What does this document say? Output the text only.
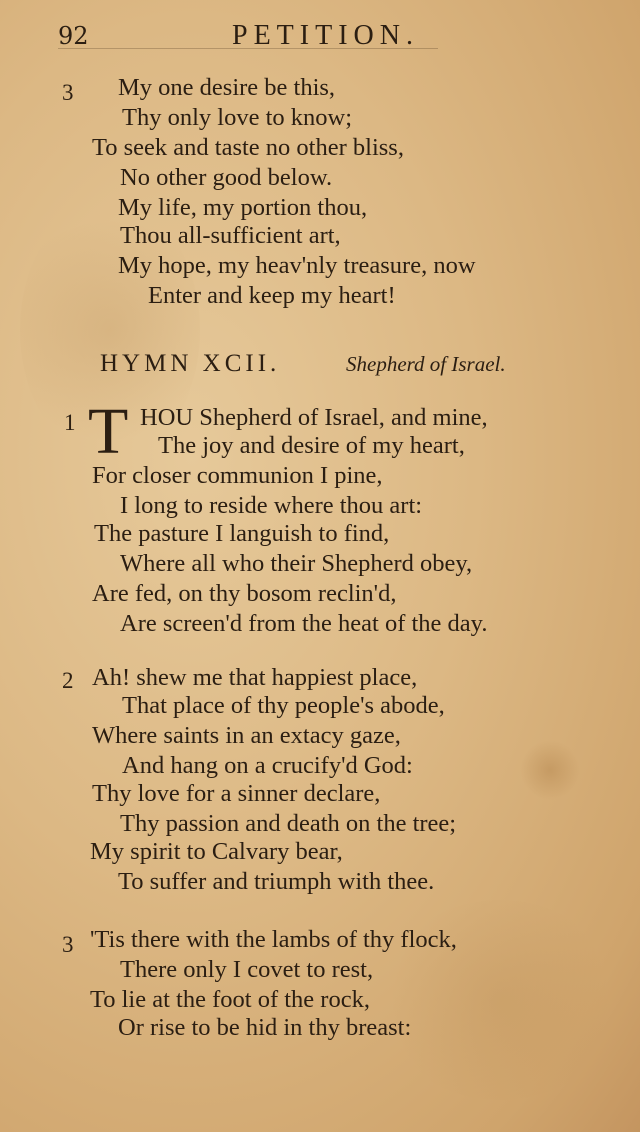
92	PETITION.
3 My one desire be this,
Thy only love to know;
To seek and taste no other bliss,
No other good below.
My life, my portion thou,
Thou all-sufficient art,
My hope, my heav'nly treasure, now
Enter and keep my heart!
HYMN XCII.	Shepherd of Israel.
1 T HOU Shepherd of Israel, and mine,
The joy and desire of my heart,
For closer communion I pine,
I long to reside where thou art:
The pasture I languish to find,
Where all who their Shepherd obey,
Are fed, on thy bosom reclin'd,
Are screen'd from the heat of the day.
2 Ah! shew me that happiest place,
That place of thy people's abode,
Where saints in an extacy gaze,
And hang on a crucify'd God:
Thy love for a sinner declare,
Thy passion and death on the tree;
My spirit to Calvary bear,
To suffer and triumph with thee.
3 'Tis there with the lambs of thy flock,
There only I covet to rest,
To lie at the foot of the rock,
Or rise to be hid in thy breast:
